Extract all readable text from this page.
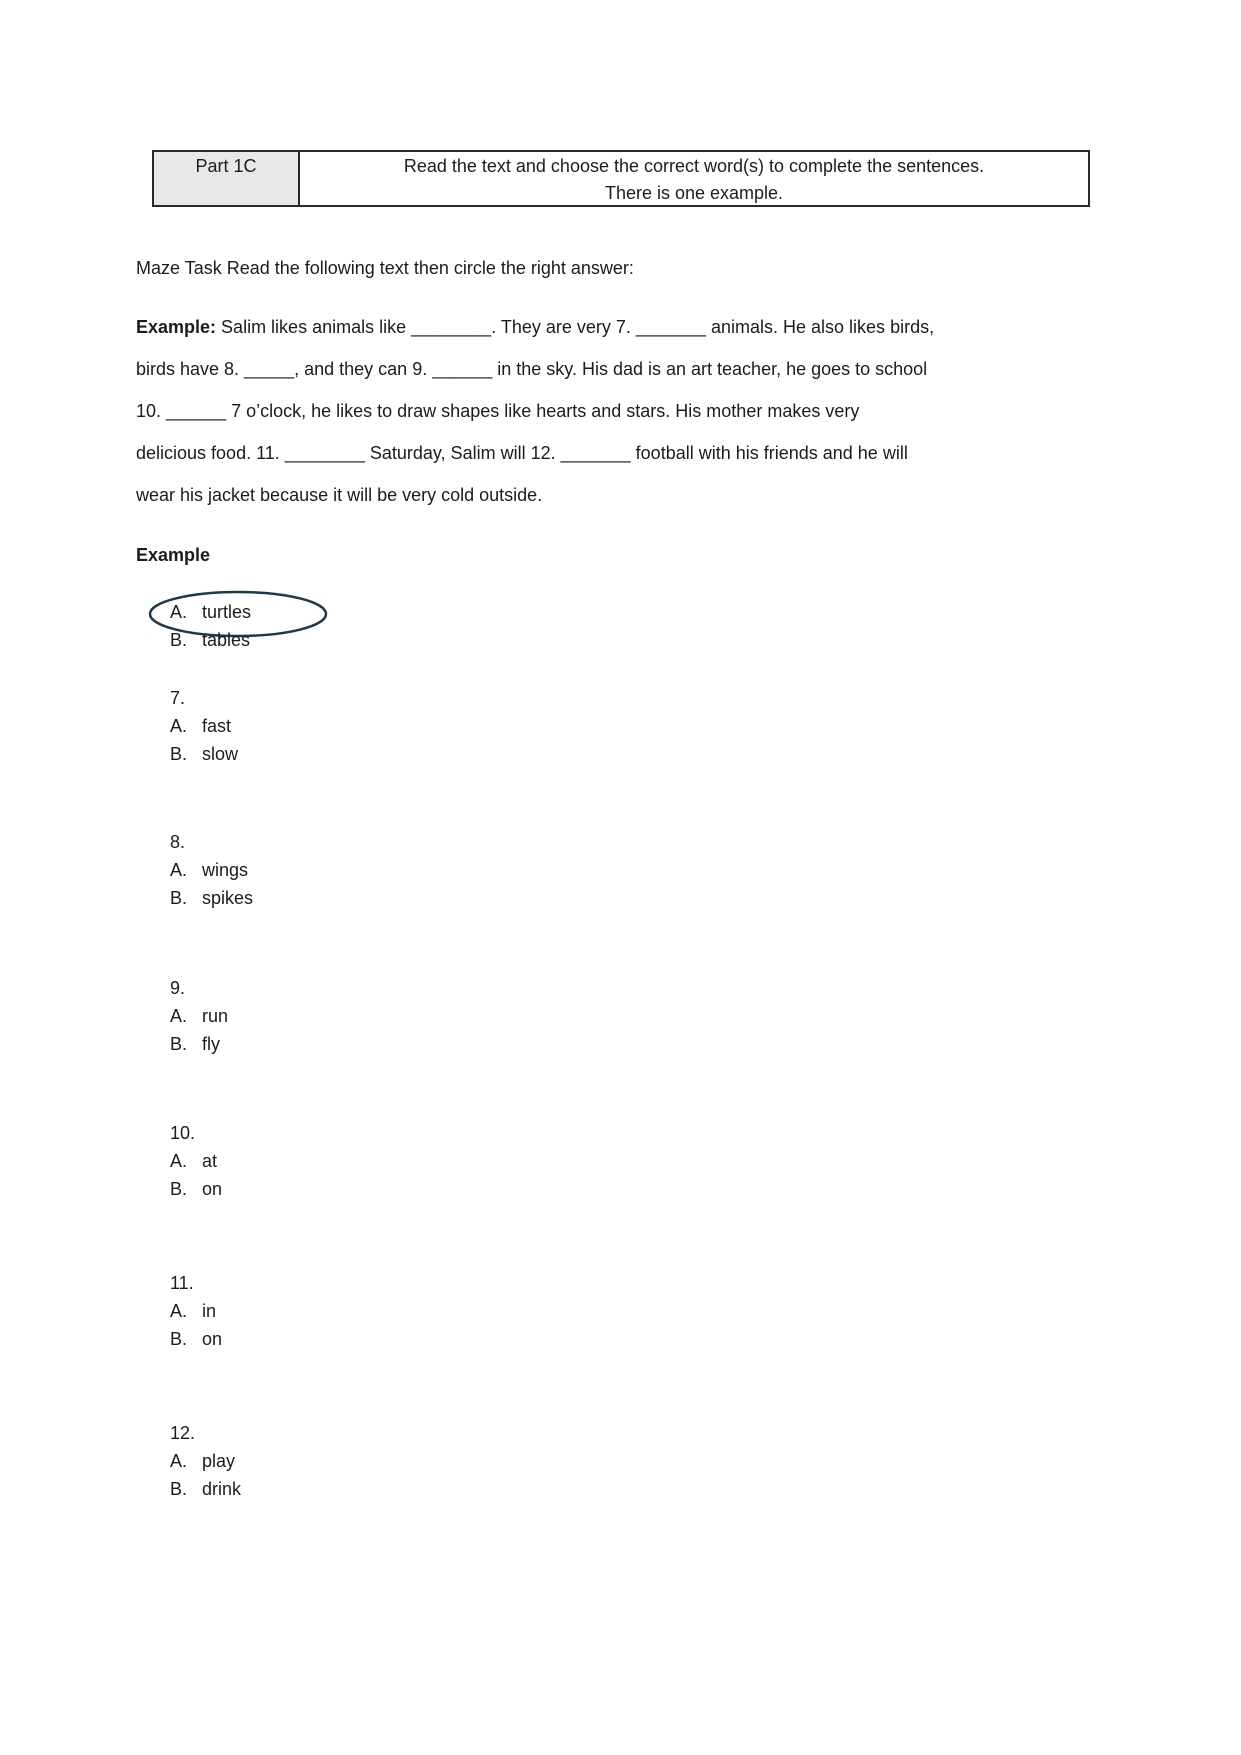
Part 1C	Read the text and choose the correct word(s) to complete the sentences.
There is one example.
Maze Task Read the following text then circle the right answer:
Example: Salim likes animals like ________. They are very 7. _______ animals. He also likes birds,
birds have 8. _____, and they can 9. ______ in the sky. His dad is an art teacher, he goes to school
10. ______ 7 o’clock, he likes to draw shapes like hearts and stars. His mother makes very
delicious food. 11. ________ Saturday, Salim will 12. _______ football with his friends and he will
wear his jacket because it will be very cold outside.
Example
A. turtles
B. tables
7.
A. fast
B. slow
8.
A. wings
B. spikes
9.
A. run
B. fly
10.
A. at
B. on
11.
A. in
B. on
12.
A. play
B. drink
